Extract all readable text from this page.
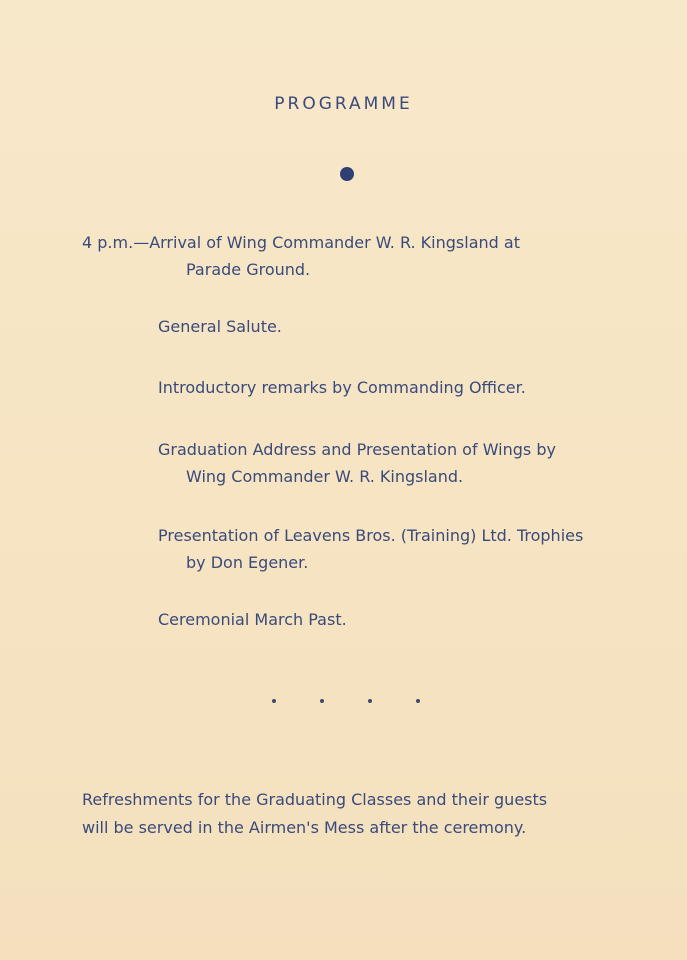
PROGRAMME
4 p.m.—Arrival of Wing Commander W. R. Kingsland at
Parade Ground.
General Salute.
Introductory remarks by Commanding Officer.
Graduation Address and Presentation of Wings by
Wing Commander W. R. Kingsland.
Presentation of Leavens Bros. (Training) Ltd. Trophies
by Don Egener.
Ceremonial March Past.
Refreshments for the Graduating Classes and their guests
will be served in the Airmen's Mess after the ceremony.
